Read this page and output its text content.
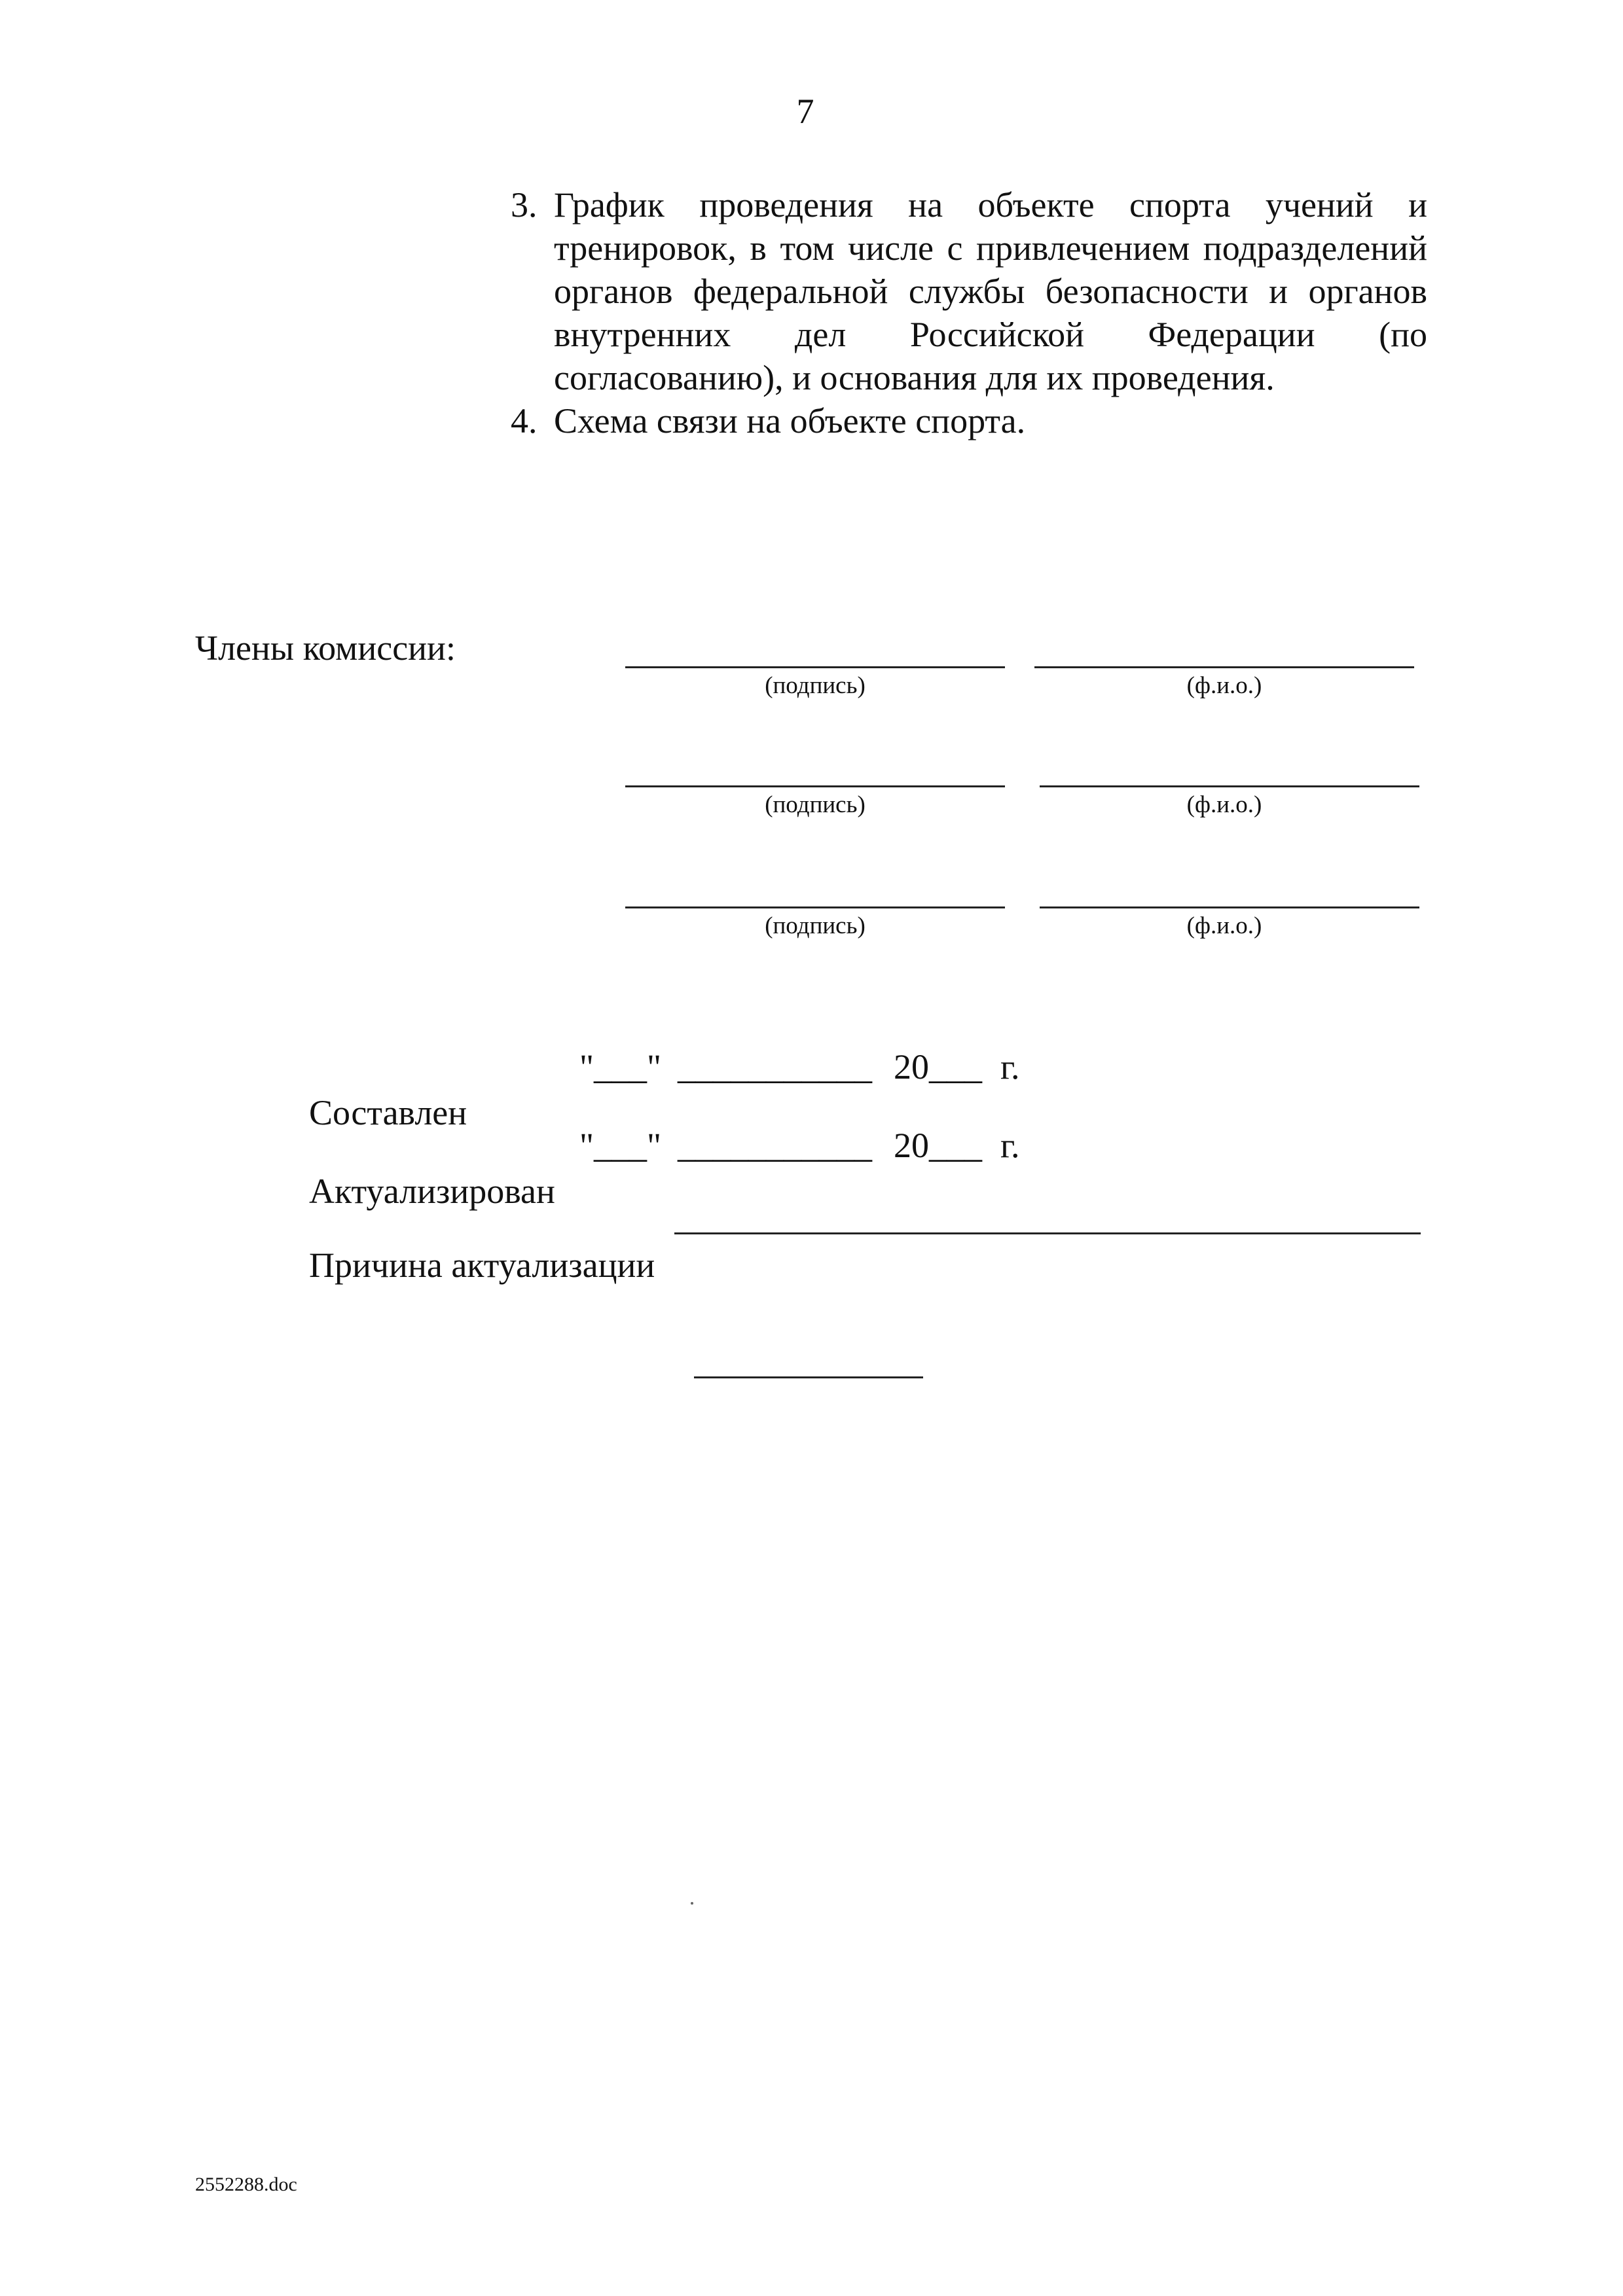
7

3. График проведения на объекте спорта учений и тренировок, в том числе с привлечением подразделений органов федеральной службы безопасности и органов внутренних дел Российской Федерации (по согласованию), и основания для их проведения.

4. Схема связи на объекте спорта.

Члены комиссии:
(подпись)	(ф.и.о.)
(подпись)	(ф.и.о.)
(подпись)	(ф.и.о.)

Составлен

"___" ___________ 20___ г.

Актуализирован

"___" ___________ 20___ г.

Причина актуализации

2552288.doc
